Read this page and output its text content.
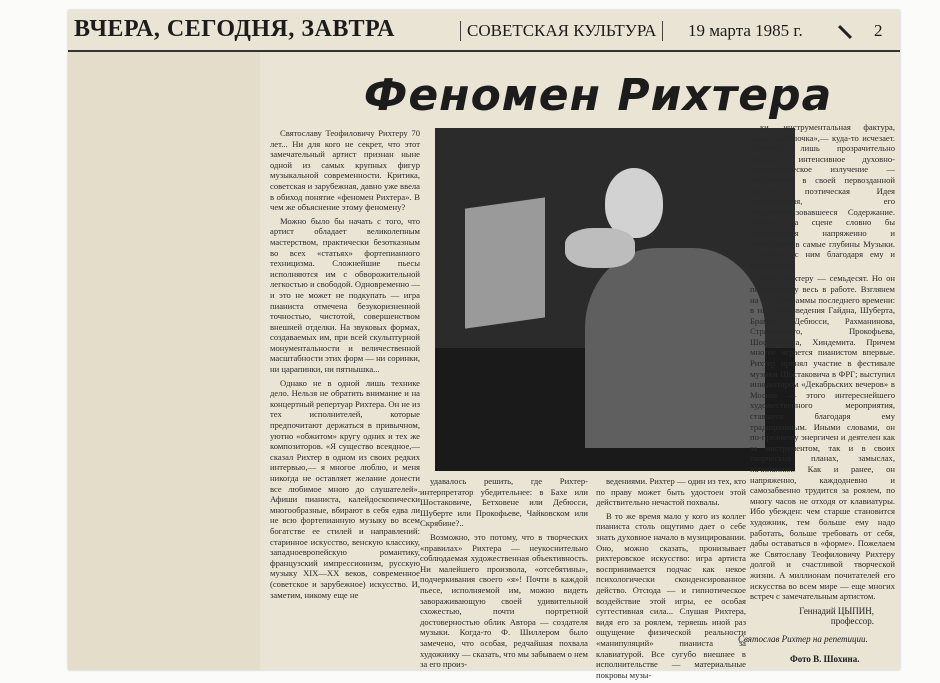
ВЧЕРА, СЕГОДНЯ, ЗАВТРА	СОВЕТСКАЯ КУЛЬТУРА	19 марта 1985 г.	2
Феномен Рихтера

Святославу Теофиловичу Рихтеру 70 лет... Ни для кого не секрет, что этот замечательный артист признан ныне одной из самых крупных фигур музыкальной современности. Критика, советская и зарубежная, давно уже ввела в обиход понятие «феномен Рихтера». В чем же объяснение этому феномену?

Можно было бы начать с того, что артист обладает великолепным мастерством, практически безотказным во всех «статьях» фортепианного техницизма. Сложнейшие пьесы исполняются им с обворожительной легкостью и свободой. Одновременно — и это не может не подкупать — игра пианиста отмечена безукоризненной точностью, чистотой, совершенством внешней отделки. На звуковых формах, создаваемых им, при всей скульптурной монументальности и величественной масштабности этих форм — ни соринки, ни царапинки, ни пятнышка...

Однако не в одной лишь технике дело. Нельзя не обратить внимание и на концертный репертуар Рихтера. Он не из тех исполнителей, которые предпочитают держаться в привычном, уютно «обжитом» кругу одних и тех же композиторов. «Я существо всеядное,— сказал Рихтер в одном из своих редких интервью,— я многое люблю, и меня никогда не оставляет желание донести все любимое мною до слушателей». Афиши пианиста, калейдоскопически многообразные, вбирают в себя едва ли не всю фортепианную музыку во всем богатстве ее стилей и направлений: старинное искусство, венскую классику, западноевропейскую романтику, французский импрессионизм, русскую музыку XIX—XX веков, современное (советское и зарубежное) искусство. И, заметим, никому еще не

удавалось решить, где Рихтер-интерпретатор убедительнее: в Бахе или Шостаковиче, Бетховене или Дебюсси, Шуберте или Прокофьеве, Чайковском или Скрябине?..

Возможно, это потому, что в творческих «правилах» Рихтера — неукоснительно соблюдаемая художественная объективность. Ни малейшего произвола, «отсебятины», подчеркивания своего «я»! Почти в каждой пьесе, исполняемой им, можно видеть завораживающую своей удивительной схожестью, почти портретной достоверностью облик Автора — создателя музыки. Когда-то Ф. Шиллером было замечено, что особая, редчайшая похвала художнику — сказать, что мы забываем о нем за его произ-

ведениями. Рихтер — один из тех, кто по праву может быть удостоен этой действительно нечастой похвалы.

В то же время мало у кого из коллег пианиста столь ощутимо дает о себе знать духовное начало в музицировании. Оно, можно сказать, пронизывает рихтеровское искусство: игра артиста воспринимается подчас как некое психологически сконденсированное действо. Отсюда — и гипнотическое воздействие этой игры, ее особая суггестивная сила... Слушая Рихтера, видя его за роялем, теряешь иной раз ощущение физической реальности «манипуляций» пианиста за клавиатурой. Все сугубо внешнее в исполнительстве — материальные покровы музы-

ки, инструментальная фактура, ткань, «оболочка»,— куда-то исчезает. Остается лишь прозрачительно сильное, интенсивное духовно-психологическое излучение — обнаженная в своей первозданной чистоте поэтическая Идея произведения, его откристаллизовавшееся Содержание. Артист на сцене словно бы вглядывается напряженно и пристально в самые глубины Музыки. А вместе с ним благодаря ему и слушатели...

Итак, Рихтеру — семьдесят. Но он по-прежнему весь в работе. Взглянем на его программы последнего времени: в них произведения Гайдна, Шуберта, Брамса, Дебюсси, Рахманинова, Стравинского, Прокофьева, Шостаковича, Хиндемита. Причем многое играется пианистом впервые. Рихтер принял участие в фестивале музыки Шостаковича в ФРГ; выступил инициатором «Декабрьских вечеров» в Москве — этого интереснейшего художественного мероприятия, ставшего благодаря ему традиционным. Иными словами, он по-прежнему энергичен и деятелен как за инструментом, так и в своих творческих планах, замыслах, начинаниях. Как и ранее, он напряженно, каждодневно и самозабвенно трудится за роялем, по многу часов не отходя от клавиатуры. Ибо убежден: чем старше становится художник, тем больше ему надо работать, больше требовать от себя, дабы оставаться в «форме». Пожелаем же Святославу Теофиловичу Рихтеру долгой и счастливой творческой жизни. А миллионам почитателей его искусства во всем мире — еще многих встреч с замечательным артистом.

Геннадий ЦЫПИН,
профессор.
Святослав Рихтер на репетиции.
Фото В. Шохина.
